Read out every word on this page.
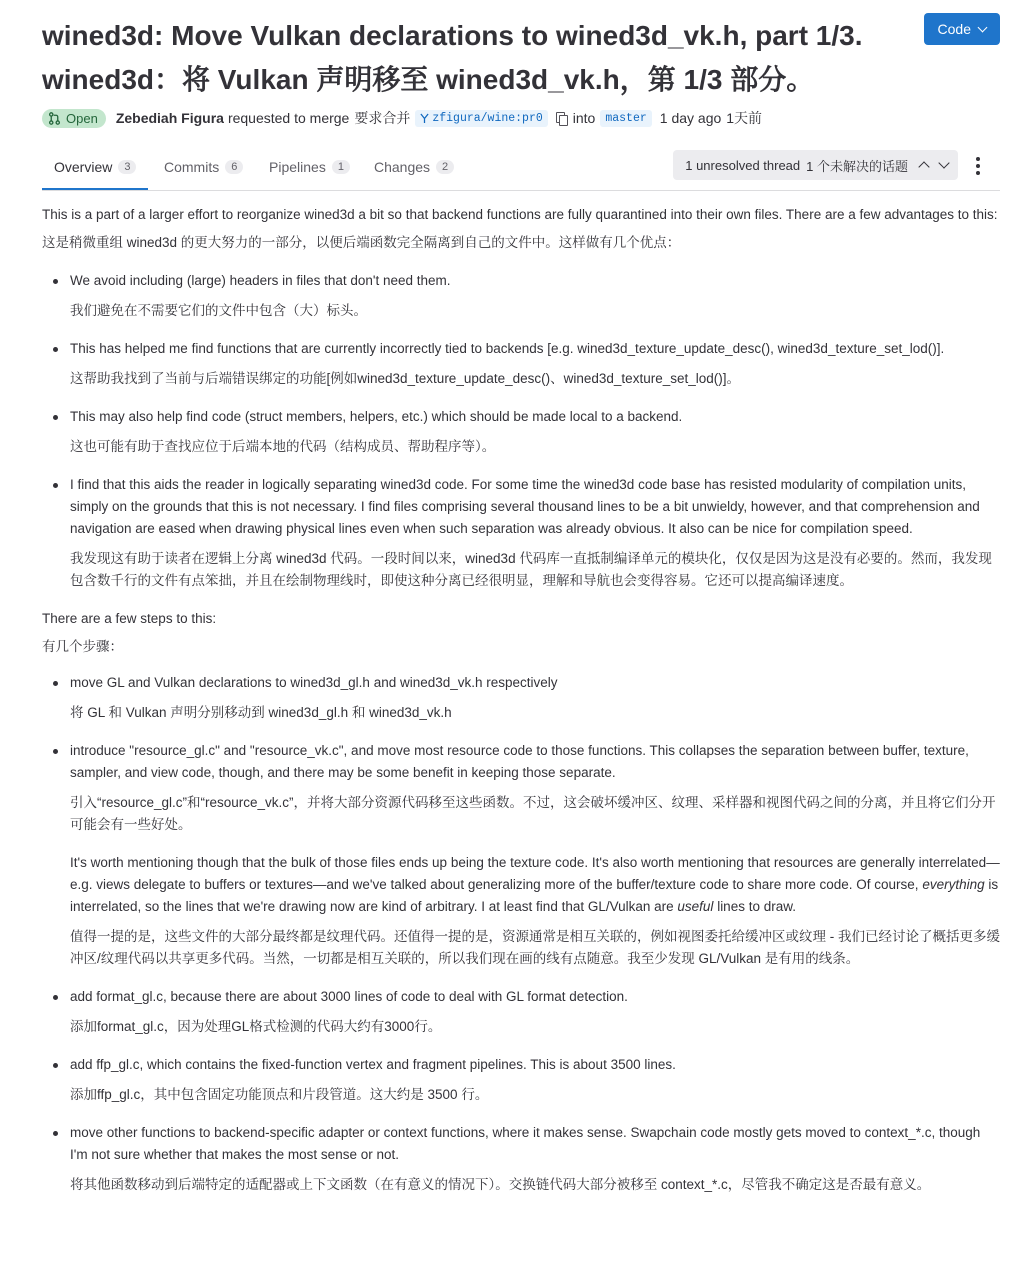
wined3d: Move Vulkan declarations to wined3d_vk.h, part 1/3.
wined3d：将 Vulkan 声明移至 wined3d_vk.h，第 1/3 部分。
Code
Open Zebediah Figura requested to merge 要求合并 zfigura/wine:pr0 into master 1 day ago 1天前
Overview	3	Commits	6	Pipelines	1	Changes	2	1 unresolved thread 1 个未解决的话题

This is a part of a larger effort to reorganize wined3d a bit so that backend functions are fully quarantined into their own files. There are a few advantages to this:

这是稍微重组 wined3d 的更大努力的一部分，以便后端函数完全隔离到自己的文件中。这样做有几个优点：

We avoid including (large) headers in files that don't need them.

我们避免在不需要它们的文件中包含（大）标头。

This has helped me find functions that are currently incorrectly tied to backends [e.g. wined3d_texture_update_desc(), wined3d_texture_set_lod()].

这帮助我找到了当前与后端错误绑定的功能[例如wined3d_texture_update_desc()、wined3d_texture_set_lod()]。

This may also help find code (struct members, helpers, etc.) which should be made local to a backend.

这也可能有助于查找应位于后端本地的代码（结构成员、帮助程序等）。

I find that this aids the reader in logically separating wined3d code. For some time the wined3d code base has resisted modularity of compilation units, simply on the grounds that this is not necessary. I find files comprising several thousand lines to be a bit unwieldy, however, and that comprehension and navigation are eased when drawing physical lines even when such separation was already obvious. It also can be nice for compilation speed.

我发现这有助于读者在逻辑上分离 wined3d 代码。一段时间以来，wined3d 代码库一直抵制编译单元的模块化，仅仅是因为这是没有必要的。然而，我发现包含数千行的文件有点笨拙，并且在绘制物理线时，即使这种分离已经很明显，理解和导航也会变得容易。它还可以提高编译速度。

There are a few steps to this:

有几个步骤：

move GL and Vulkan declarations to wined3d_gl.h and wined3d_vk.h respectively

将 GL 和 Vulkan 声明分别移动到 wined3d_gl.h 和 wined3d_vk.h

introduce "resource_gl.c" and "resource_vk.c", and move most resource code to those functions. This collapses the separation between buffer, texture, sampler, and view code, though, and there may be some benefit in keeping those separate.

引入“resource_gl.c”和“resource_vk.c”，并将大部分资源代码移至这些函数。不过，这会破坏缓冲区、纹理、采样器和视图代码之间的分离，并且将它们分开可能会有一些好处。

It's worth mentioning though that the bulk of those files ends up being the texture code. It's also worth mentioning that resources are generally interrelated—e.g. views delegate to buffers or textures—and we've talked about generalizing more of the buffer/texture code to share more code. Of course, everything is interrelated, so the lines that we're drawing now are kind of arbitrary. I at least find that GL/Vulkan are useful lines to draw.

值得一提的是，这些文件的大部分最终都是纹理代码。还值得一提的是，资源通常是相互关联的，例如视图委托给缓冲区或纹理 - 我们已经讨论了概括更多缓冲区/纹理代码以共享更多代码。当然，一切都是相互关联的，所以我们现在画的线有点随意。我至少发现 GL/Vulkan 是有用的线条。

add format_gl.c, because there are about 3000 lines of code to deal with GL format detection.

添加format_gl.c，因为处理GL格式检测的代码大约有3000行。

add ffp_gl.c, which contains the fixed-function vertex and fragment pipelines. This is about 3500 lines.

添加ffp_gl.c，其中包含固定功能顶点和片段管道。这大约是 3500 行。

move other functions to backend-specific adapter or context functions, where it makes sense. Swapchain code mostly gets moved to context_*.c, though I'm not sure whether that makes the most sense or not.

将其他函数移动到后端特定的适配器或上下文函数（在有意义的情况下）。交换链代码大部分被移至 context_*.c，尽管我不确定这是否最有意义。
